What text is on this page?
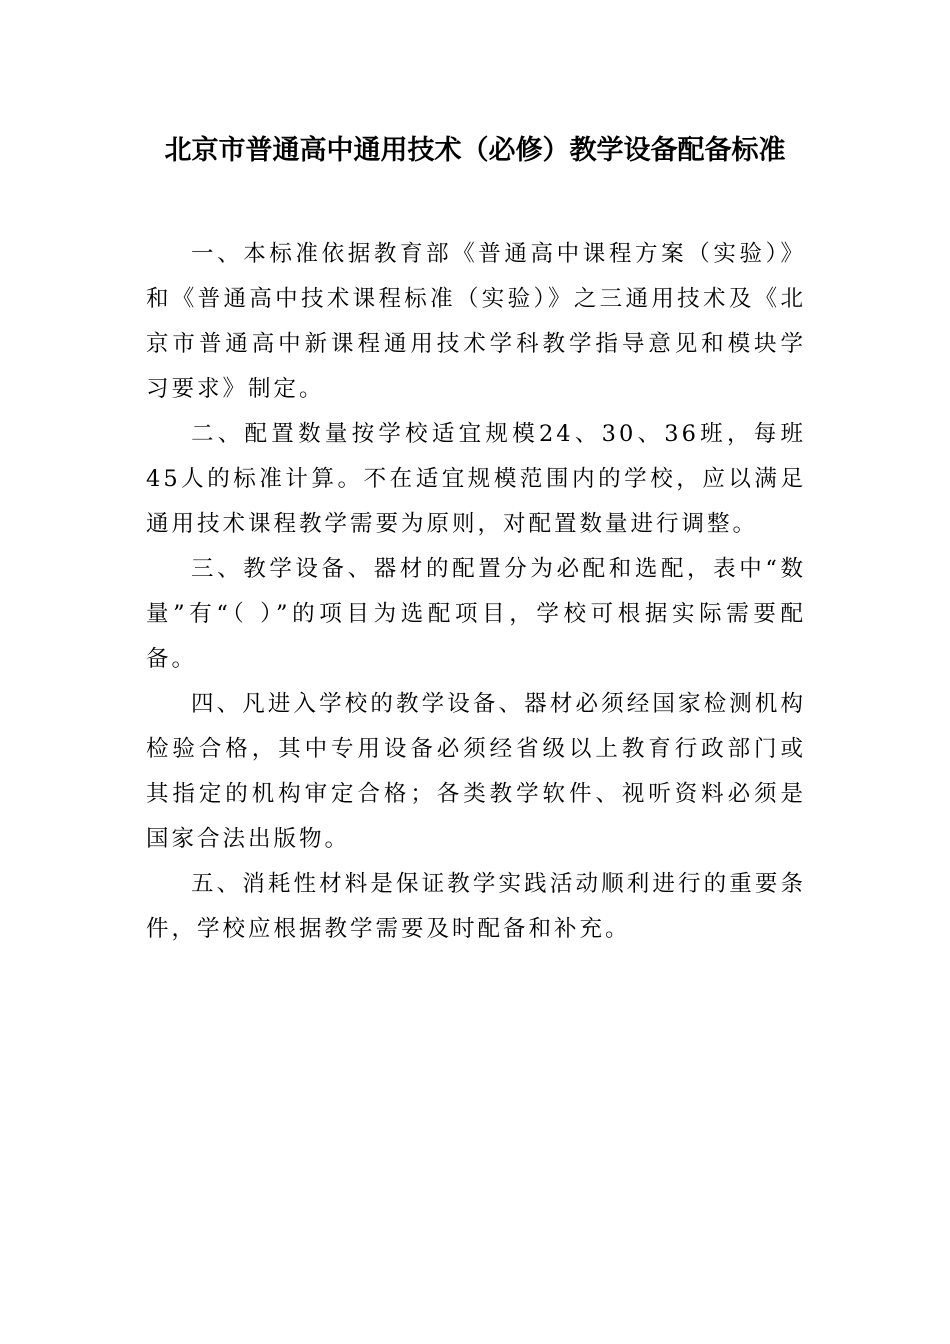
北京市普通高中通用技术（必修）教学设备配备标准

一、本标准依据教育部《普通高中课程方案（实验）》和《普通高中技术课程标准（实验）》之三通用技术及《北京市普通高中新课程通用技术学科教学指导意见和模块学习要求》制定。

二、配置数量按学校适宜规模24、30、36班，每班45人的标准计算。不在适宜规模范围内的学校，应以满足通用技术课程教学需要为原则，对配置数量进行调整。

三、教学设备、器材的配置分为必配和选配，表中“数量”有“（ ）”的项目为选配项目，学校可根据实际需要配备。

四、凡进入学校的教学设备、器材必须经国家检测机构检验合格，其中专用设备必须经省级以上教育行政部门或其指定的机构审定合格；各类教学软件、视听资料必须是国家合法出版物。

五、消耗性材料是保证教学实践活动顺利进行的重要条件，学校应根据教学需要及时配备和补充。
